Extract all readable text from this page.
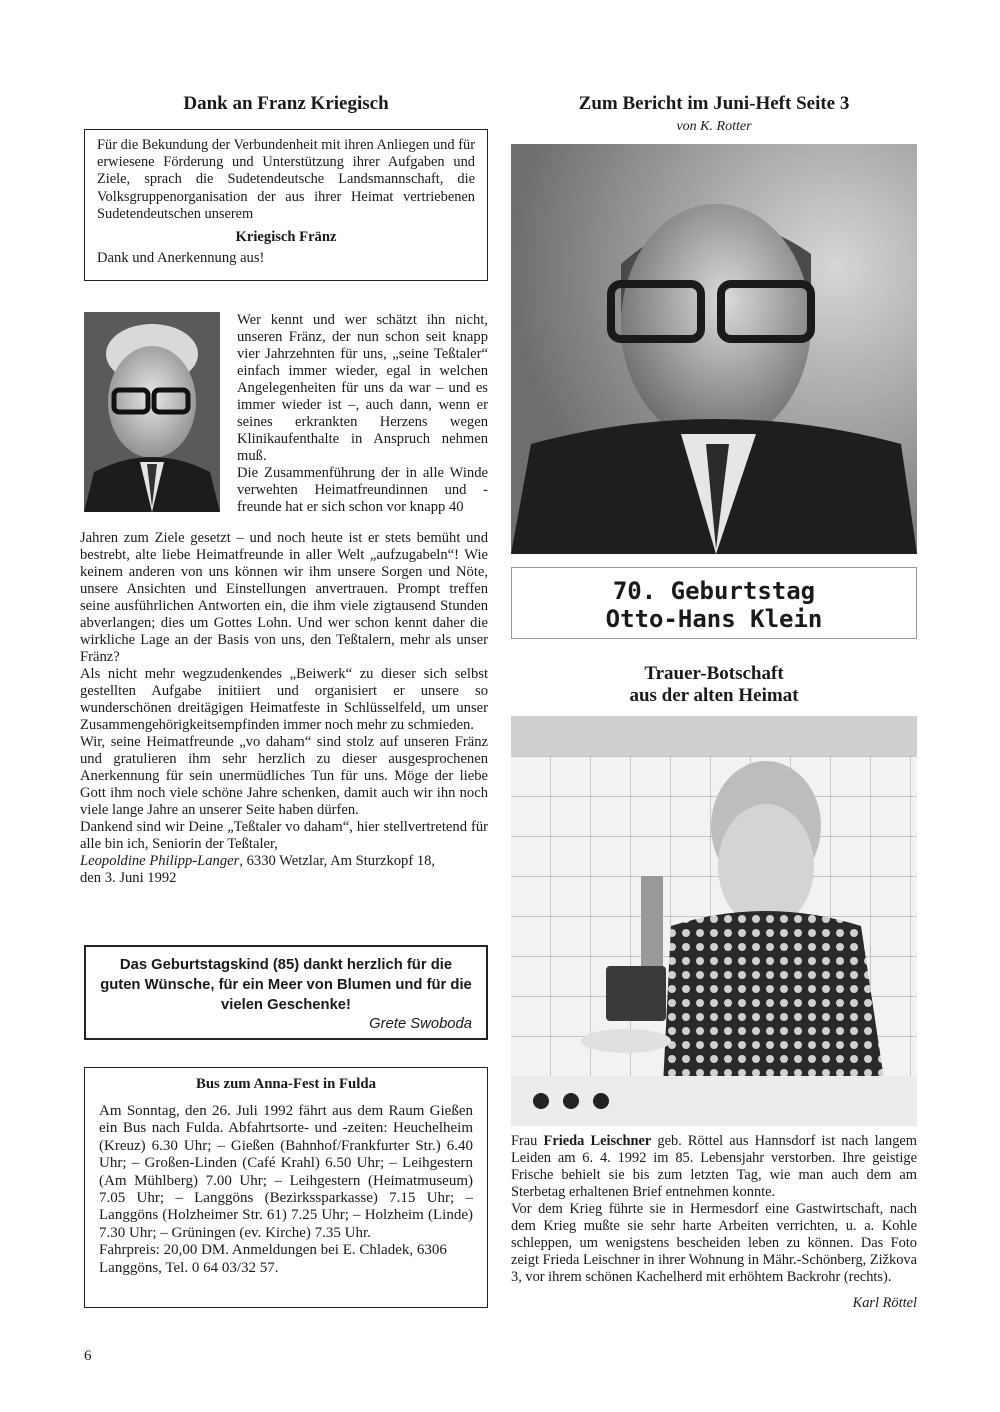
Dank an Franz Kriegisch

Für die Bekundung der Verbundenheit mit ihren Anliegen und für erwiesene Förderung und Unterstützung ihrer Aufgaben und Ziele, sprach die Sudetendeutsche Landsmannschaft, die Volksgruppenorganisation der aus ihrer Heimat vertriebenen Sudetendeutschen unserem

Kriegisch Fränz

Dank und Anerkennung aus!

Wer kennt und wer schätzt ihn nicht, unseren Fränz, der nun schon seit knapp vier Jahrzehnten für uns, „seine Teßtaler“ einfach immer wieder, egal in welchen Angelegenheiten für uns da war – und es immer wieder ist –, auch dann, wenn er seines erkrankten Herzens wegen Klinikaufenthalte in Anspruch nehmen muß.

Die Zusammenführung der in alle Winde verwehten Heimatfreundinnen und -freunde hat er sich schon vor knapp 40

Jahren zum Ziele gesetzt – und noch heute ist er stets bemüht und bestrebt, alte liebe Heimatfreunde in aller Welt „aufzugabeln“! Wie keinem anderen von uns können wir ihm unsere Sorgen und Nöte, unsere Ansichten und Einstellungen anvertrauen. Prompt treffen seine ausführlichen Antworten ein, die ihm viele zigtausend Stunden abverlangen; dies um Gottes Lohn. Und wer schon kennt daher die wirkliche Lage an der Basis von uns, den Teßtalern, mehr als unser Fränz?

Als nicht mehr wegzudenkendes „Beiwerk“ zu dieser sich selbst gestellten Aufgabe initiiert und organisiert er unsere so wunderschönen dreitägigen Heimatfeste in Schlüsselfeld, um unser Zusammengehörigkeitsempfinden immer noch mehr zu schmieden.

Wir, seine Heimatfreunde „vo daham“ sind stolz auf unseren Fränz und gratulieren ihm sehr herzlich zu dieser ausgesprochenen Anerkennung für sein unermüdliches Tun für uns. Möge der liebe Gott ihm noch viele schöne Jahre schenken, damit auch wir ihn noch viele lange Jahre an unserer Seite haben dürfen.

Dankend sind wir Deine „Teßtaler vo daham“, hier stellvertretend für alle bin ich, Seniorin der Teßtaler,

Leopoldine Philipp-Langer, 6330 Wetzlar, Am Sturzkopf 18,

den 3. Juni 1992

Das Geburtstagskind (85) dankt herzlich für die guten Wünsche, für ein Meer von Blumen und für die vielen Geschenke!

Grete Swoboda

Bus zum Anna-Fest in Fulda

Am Sonntag, den 26. Juli 1992 fährt aus dem Raum Gießen ein Bus nach Fulda. Abfahrtsorte- und -zeiten: Heuchelheim (Kreuz) 6.30 Uhr; – Gießen (Bahnhof/Frankfurter Str.) 6.40 Uhr; – Großen-Linden (Café Krahl) 6.50 Uhr; – Leihgestern (Am Mühlberg) 7.00 Uhr; – Leihgestern (Heimatmuseum) 7.05 Uhr; – Langgöns (Bezirkssparkasse) 7.15 Uhr; – Langgöns (Holzheimer Str. 61) 7.25 Uhr; – Holzheim (Linde) 7.30 Uhr; – Grüningen (ev. Kirche) 7.35 Uhr.

Fahrpreis: 20,00 DM. Anmeldungen bei E. Chladek, 6306 Langgöns, Tel. 0 64 03/32 57.

6
Zum Bericht im Juni-Heft Seite 3
von K. Rotter
70. Geburtstag
Otto-Hans Klein
Trauer-Botschaft
aus der alten Heimat

Frau Frieda Leischner geb. Röttel aus Hannsdorf ist nach langem Leiden am 6. 4. 1992 im 85. Lebensjahr verstorben. Ihre geistige Frische behielt sie bis zum letzten Tag, wie man auch dem am Sterbetag erhaltenen Brief entnehmen konnte.

Vor dem Krieg führte sie in Hermesdorf eine Gastwirtschaft, nach dem Krieg mußte sie sehr harte Arbeiten verrichten, u. a. Kohle schleppen, um wenigstens bescheiden leben zu können. Das Foto zeigt Frieda Leischner in ihrer Wohnung in Mähr.-Schönberg, Zižkova 3, vor ihrem schönen Kachelherd mit erhöhtem Backrohr (rechts).

Karl Röttel
